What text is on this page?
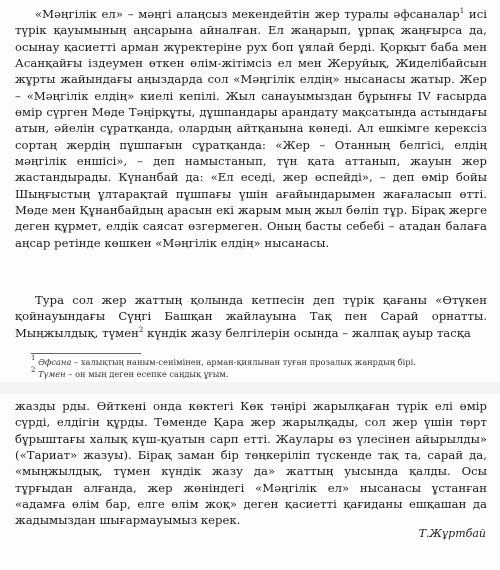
«Мәңгілік ел» – мәңгі алаңсыз мекендейтін жер туралы әфсаналар$^1$ исі түрік қауымының аңсарына айналған. Ел жаңарып, ұрпақ жаңғырса да, осынау қасиетті арман жүректеріне рух боп ұялай берді. Қорқыт баба мен Асанқайғы іздеумен өткен өлім-жітімсіз ел мен Жеруйық, Жиделібайсын жұрты жайындағы аңыздарда сол «Мәңгілік елдің» нысанасы жатыр. Жер – «Мәңгілік елдің» киелі кепілі. Жыл санауымыздан бұрынғы IV ғасырда өмір сүрген Мөде Тәңірқұты, дұшпандары арандату мақсатында астындағы атын, әйелін сұратқанда, олардың айтқанына көнеді. Ал ешкімге керексіз сортаң жердің пұшпағын сұратқанда: «Жер – Отанның белгісі, елдің мәңгілік еншісі», – деп намыстанып, түн қата аттанып, жауын жер жастандырады. Күнанбай да: «Ел еседі, жер өспейді», – деп өмір бойы Шыңғыстың ұлтарақтай пұшпағы үшін ағайындарымен жағаласып өтті. Мөде мен Құнанбайдың арасын екі жарым мың жыл бөліп тұр. Бірақ жерге деген құрмет, елдік саясат өзгермеген. Оның басты себебі – атадан балаға аңсар ретінде көшкен «Мәңгілік елдің» нысанасы.

Тура сол жер жаттың қолында кетпесін деп түрік қағаны «Өтүкен қойнауындағы Сүңгі Башқан жайлауына Тақ пен Сарай орнатты. Мыңжылдық, түмен$^2$ күндік жазу белгілерін осында – жалпақ ауыр тасқа

$^1$ Әфсана – халықтың наным-сенімінен, арман-қиялынан туған прозалық жанрдың бірі.
$^2$ Түмен – он мың деген есепке саңдық ұғым.

жазды рды. Өйткені онда көктегі Көк тәңірі жарылқаған түрік елі өмір сүрді, елдігін құрды. Төменде Қара жер жарылқады, сол жер үшін төрт бұрыштағы халық күш-қуатын сарп етті. Жаулары өз үлесінен айырылды» («Тариат» жазуы). Бірақ заман бір төңкеріліп түскенде тақ та, сарай да, «мыңжылдық, түмен күндік жазу да» жаттың уысында қалды. Осы тұрғыдан алғанда, жер жөніндегі «Мәңгілік ел» нысанасы ұстанған «адамға өлім бар, елге өлім жоқ» деген қасиетті қағиданы ешқашан да жадымыздан шығармауымыз керек.

Т.Жұртбай
